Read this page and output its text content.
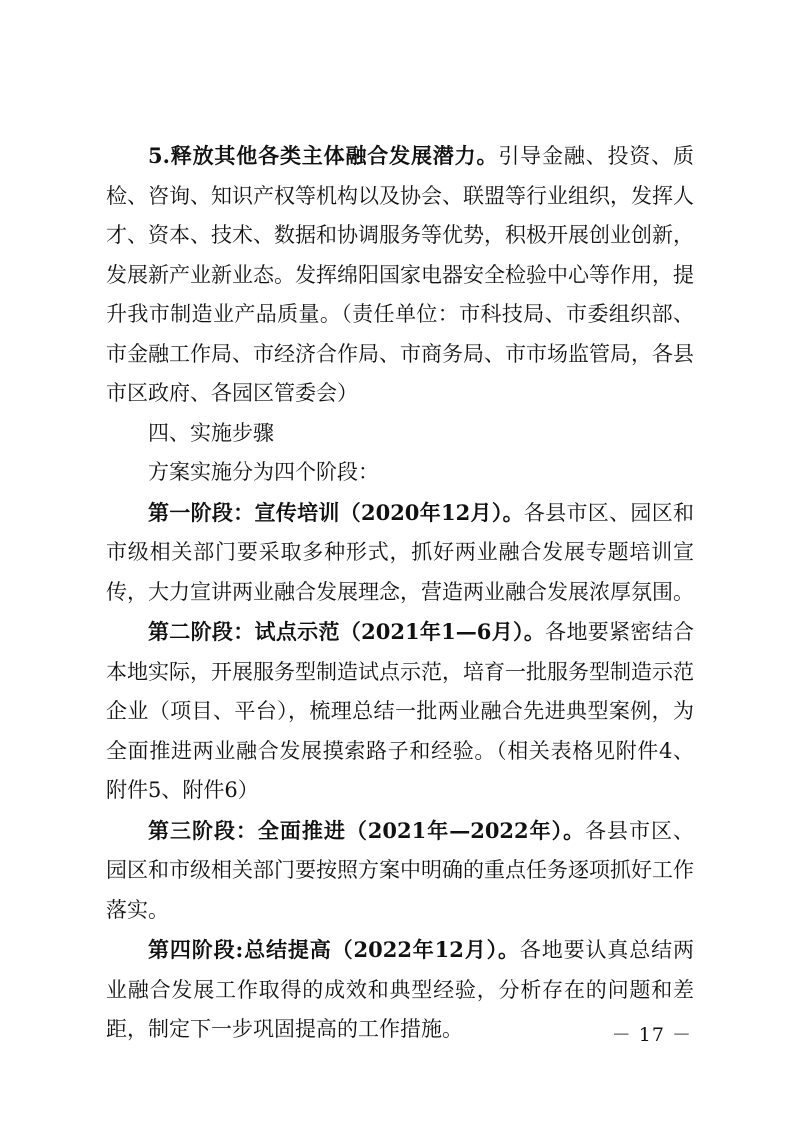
5.释放其他各类主体融合发展潜力。引导金融、投资、质检、咨询、知识产权等机构以及协会、联盟等行业组织，发挥人才、资本、技术、数据和协调服务等优势，积极开展创业创新，发展新产业新业态。发挥绵阳国家电器安全检验中心等作用，提升我市制造业产品质量。（责任单位：市科技局、市委组织部、市金融工作局、市经济合作局、市商务局、市市场监管局，各县市区政府、各园区管委会）

四、实施步骤

方案实施分为四个阶段：

第一阶段：宣传培训（2020年12月）。各县市区、园区和市级相关部门要采取多种形式，抓好两业融合发展专题培训宣传，大力宣讲两业融合发展理念，营造两业融合发展浓厚氛围。

第二阶段：试点示范（2021年1—6月）。各地要紧密结合本地实际，开展服务型制造试点示范，培育一批服务型制造示范企业（项目、平台），梳理总结一批两业融合先进典型案例，为全面推进两业融合发展摸索路子和经验。（相关表格见附件4、附件5、附件6）

第三阶段：全面推进（2021年—2022年）。各县市区、园区和市级相关部门要按照方案中明确的重点任务逐项抓好工作落实。

第四阶段:总结提高（2022年12月）。各地要认真总结两业融合发展工作取得的成效和典型经验，分析存在的问题和差距，制定下一步巩固提高的工作措施。	－ 17 －
